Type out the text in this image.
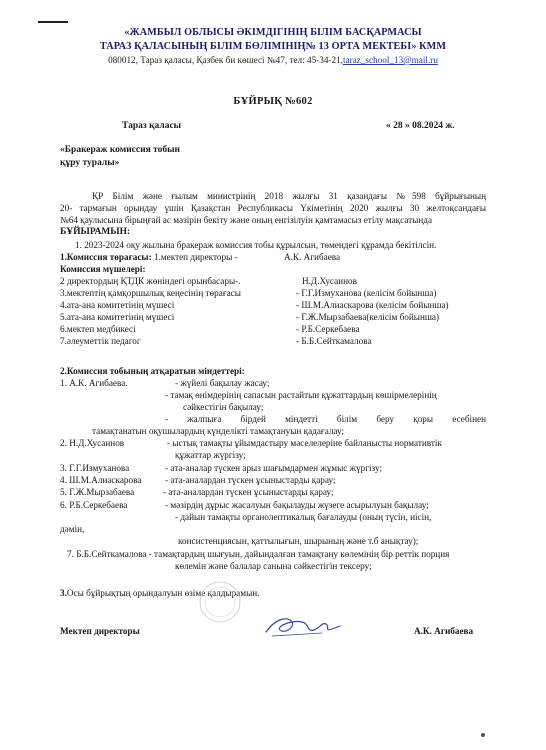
«ЖАМБЫЛ ОБЛЫСЫ ӘКІМДІГІНІҢ БІЛІМ БАСҚАРМАСЫ
ТАРАЗ ҚАЛАСЫНЫҢ БІЛІМ БӨЛІМІНІҢ№ 13 ОРТА МЕКТЕБІ» КММ
080012, Тараз қаласы, Қазбек би көшесі №47, тел: 45-34-21,taraz_school_13@mail.ru
БҰЙРЫҚ №602
Тараз қаласы	« 28 » 08.2024 ж.
«Бракераж комиссия тобын
құру туралы»
ҚР Білім және ғылым министрінің 2018 жылғы 31 қазандағы №598 бұйрығының
20- тармағын орындау үшін Қазақстан Республикасы Үкіметінің 2020 жылғы 30 желтоқсандағы
№64 қаулысына бірыңғай ас мәзірін бекіту және оның енгізілуін қамтамасыз етілу мақсатында
БҰЙЫРАМЫН:
1. 2023-2024 оқу жылына бракераж комиссия тобы құрылсын, төмендегі құрамда бекітілсін.
1.Комиссия төрағасы: 1.мектеп директоры -	А.К. Агибаева
Комиссия мүшелері:
2 директордың ҚТДК жөніндегі орынбасары-.	Н.Д.Хусаинов
3.мектептің қамқоршылық кеңесінің төрағасы	- Г.Г.Измуханова (келісім бойынша)
4.ата-ана комитетінің мүшесі	- Ш.М.Алиаскарова (келісім бойынша)
5.ата-ана комитетінің мүшесі	- Г.Ж.Мырзабаева(келісім бойынша)
6.мектеп медбикесі	- Р.Б.Серкебаева
7.әлеуметтік педагог	- Б.Б.Сейткамалова
2.Комиссия тобының атқаратын міндеттері:
1. А.К. Агибаева.	- жүйелі бақылау жасау;
- тамақ өнімдерінің сапасын растайтын құжаттардың көшірмелерінің
сәйкестігін бақылау;
- жалпыға бірдей міндетті білім беру қоры есебінен
тамақтанатын оқушылардың күнделікті тамақтануын қадағалау;
2. Н.Д.Хусаинов	- ыстық тамақты ұйымдастыру мәселелеріне байланысты нормативтік
құжаттар жүргізу;
3. Г.Г.Измуханова	- ата-аналар түскен арыз шағымдармен жұмыс жүргізу;
4. Ш.М.Алиаскарова	- ата-аналардан түскен ұсыныстарды қарау;
5. Г.Ж.Мырзабаева	- ата-аналардан түскен ұсыныстарды қарау;
6. Р.Б.Серкебаева	- мәзірдің дұрыс жасалуын бақылауды жүзеге асырылуын бақылау;
- дайын тамақты органолептикалық бағалауды (оның түсін, иісін,
дәмін,
консистенциясын, қаттылығын, шырының және т.б анықтау);
7. Б.Б.Сейткамалова - тамақтардың шығуын, дайындалған тамақтану көлемінің бір реттік порция
көлемін және балалар санына сәйкестігін тексеру;
3.Осы бұйрықтың орындалуын өзіме қалдырамын.
Мектеп директоры	А.К. Агибаева
